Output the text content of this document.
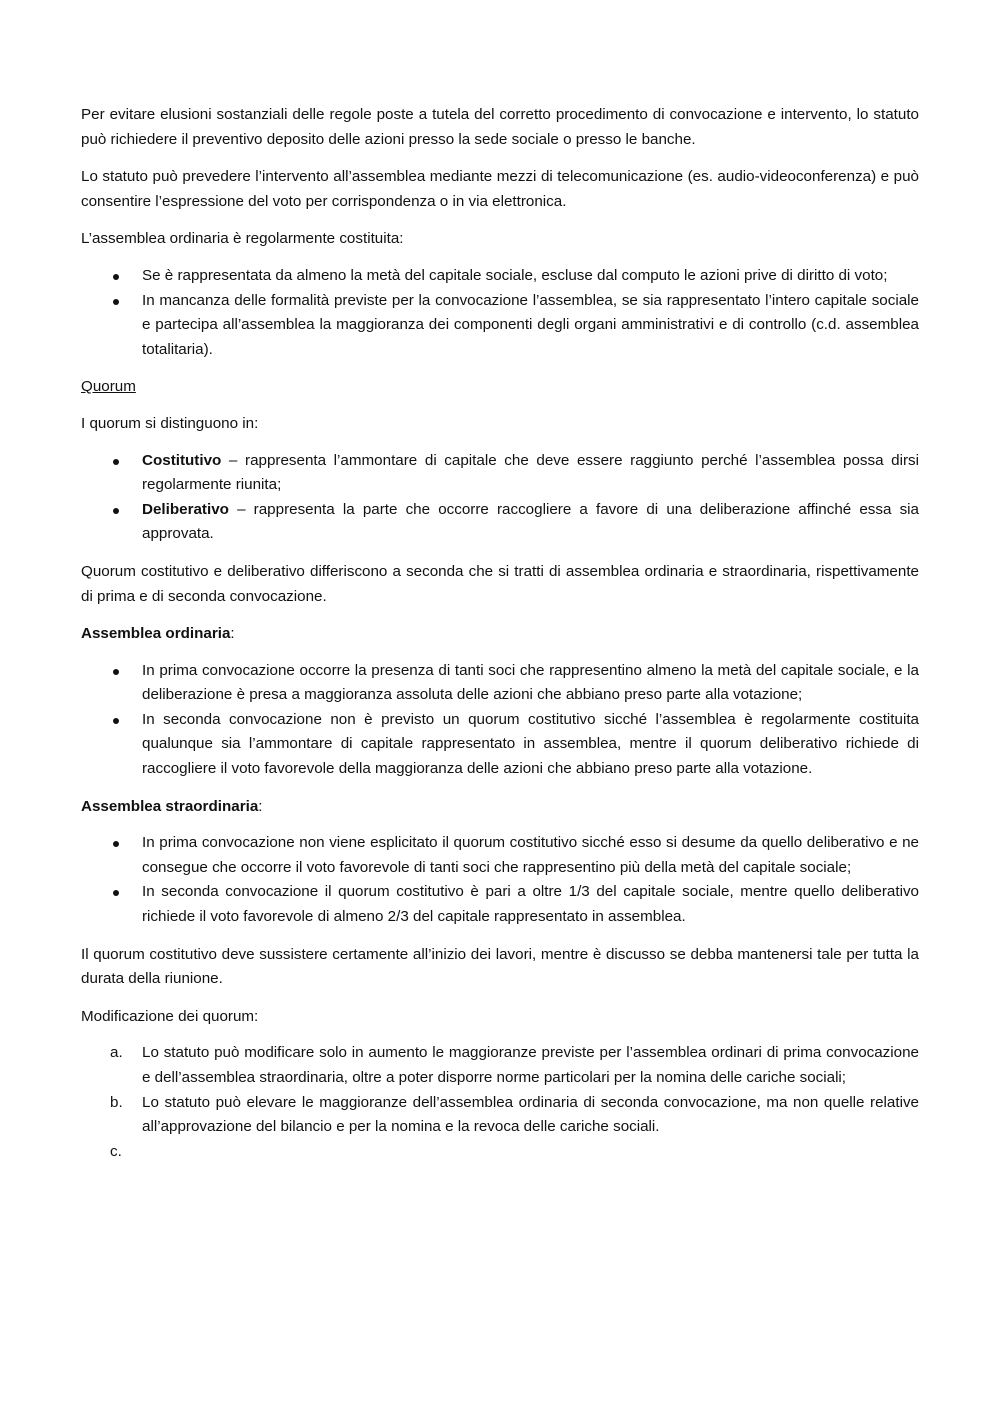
Per evitare elusioni sostanziali delle regole poste a tutela del corretto procedimento di convocazione e intervento, lo statuto può richiedere il preventivo deposito delle azioni presso la sede sociale o presso le banche.

Lo statuto può prevedere l’intervento all’assemblea mediante mezzi di telecomunicazione (es. audio-videoconferenza) e può consentire l’espressione del voto per corrispondenza o in via elettronica.

L’assemblea ordinaria è regolarmente costituita:

Se è rappresentata da almeno la metà del capitale sociale, escluse dal computo le azioni prive di diritto di voto;
In mancanza delle formalità previste per la convocazione l’assemblea, se sia rappresentato l’intero capitale sociale e partecipa all’assemblea la maggioranza dei componenti degli organi amministrativi e di controllo (c.d. assemblea totalitaria).

Quorum

I quorum si distinguono in:

Costitutivo – rappresenta l’ammontare di capitale che deve essere raggiunto perché l’assemblea possa dirsi regolarmente riunita;
Deliberativo – rappresenta la parte che occorre raccogliere a favore di una deliberazione affinché essa sia approvata.

Quorum costitutivo e deliberativo differiscono a seconda che si tratti di assemblea ordinaria e straordinaria, rispettivamente di prima e di seconda convocazione.

Assemblea ordinaria:

In prima convocazione occorre la presenza di tanti soci che rappresentino almeno la metà del capitale sociale, e la deliberazione è presa a maggioranza assoluta delle azioni che abbiano preso parte alla votazione;
In seconda convocazione non è previsto un quorum costitutivo sicché l’assemblea è regolarmente costituita qualunque sia l’ammontare di capitale rappresentato in assemblea, mentre il quorum deliberativo richiede di raccogliere il voto favorevole della maggioranza delle azioni che abbiano preso parte alla votazione.

Assemblea straordinaria:

In prima convocazione non viene esplicitato il quorum costitutivo sicché esso si desume da quello deliberativo e ne consegue che occorre il voto favorevole di tanti soci che rappresentino più della metà del capitale sociale;
In seconda convocazione il quorum costitutivo è pari a oltre 1/3 del capitale sociale, mentre quello deliberativo richiede il voto favorevole di almeno 2/3 del capitale rappresentato in assemblea.

Il quorum costitutivo deve sussistere certamente all’inizio dei lavori, mentre è discusso se debba mantenersi tale per tutta la durata della riunione.

Modificazione dei quorum:

a. Lo statuto può modificare solo in aumento le maggioranze previste per l’assemblea ordinari di prima convocazione e dell’assemblea straordinaria, oltre a poter disporre norme particolari per la nomina delle cariche sociali;
b. Lo statuto può elevare le maggioranze dell’assemblea ordinaria di seconda convocazione, ma non quelle relative all’approvazione del bilancio e per la nomina e la revoca delle cariche sociali.
c.
